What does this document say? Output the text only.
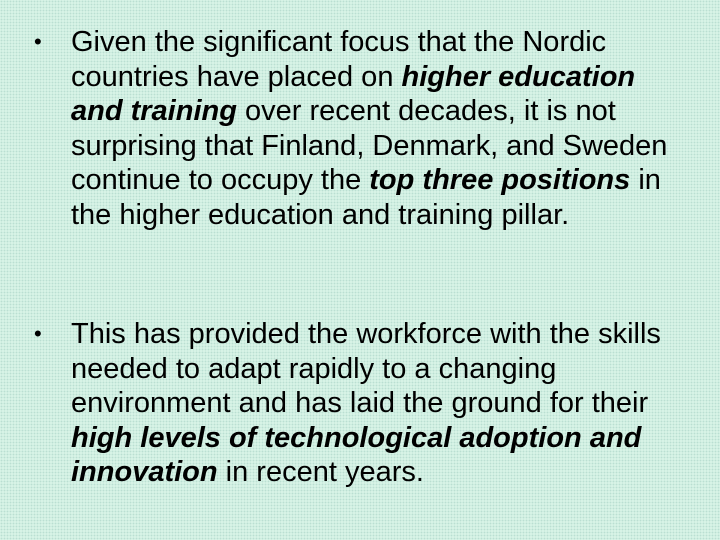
• Given the significant focus that the Nordic countries have placed on higher education and training over recent decades, it is not surprising that Finland, Denmark, and Sweden continue to occupy the top three positions in the higher education and training pillar.
• This has provided the workforce with the skills needed to adapt rapidly to a changing environment and has laid the ground for their high levels of technological adoption and innovation in recent years.
